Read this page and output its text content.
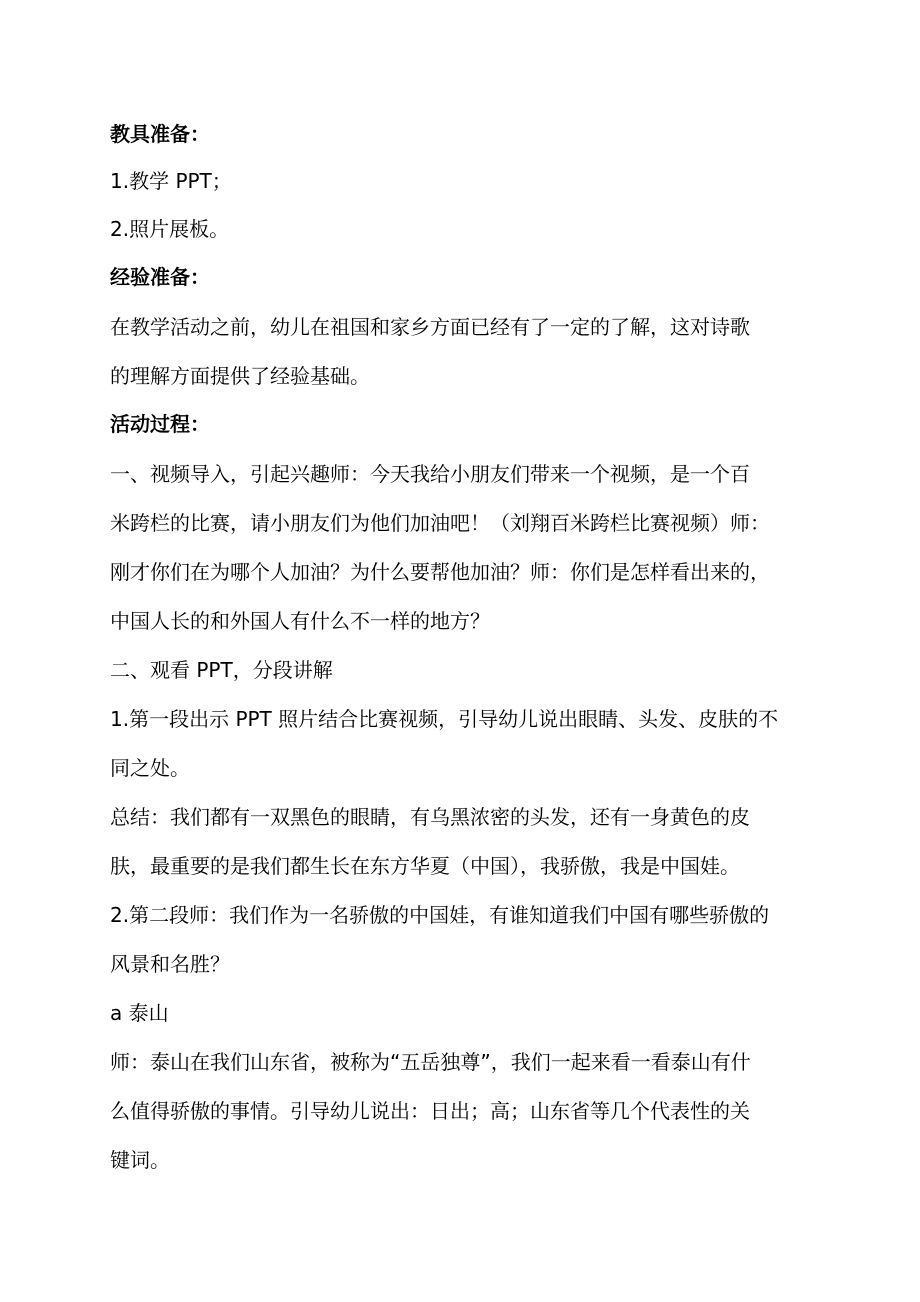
教具准备：
1.教学 PPT；
2.照片展板。
经验准备：
在教学活动之前，幼儿在祖国和家乡方面已经有了一定的了解，这对诗歌
的理解方面提供了经验基础。
活动过程：
一、视频导入，引起兴趣师：今天我给小朋友们带来一个视频，是一个百
米跨栏的比赛，请小朋友们为他们加油吧！（刘翔百米跨栏比赛视频）师：
刚才你们在为哪个人加油？为什么要帮他加油？师：你们是怎样看出来的，
中国人长的和外国人有什么不一样的地方？
二、观看 PPT，分段讲解
1.第一段出示 PPT 照片结合比赛视频，引导幼儿说出眼睛、头发、皮肤的不
同之处。
总结：我们都有一双黑色的眼睛，有乌黑浓密的头发，还有一身黄色的皮
肤，最重要的是我们都生长在东方华夏（中国），我骄傲，我是中国娃。
2.第二段师：我们作为一名骄傲的中国娃，有谁知道我们中国有哪些骄傲的
风景和名胜？
a 泰山
师：泰山在我们山东省，被称为“五岳独尊”，我们一起来看一看泰山有什
么值得骄傲的事情。引导幼儿说出：日出；高；山东省等几个代表性的关
键词。
